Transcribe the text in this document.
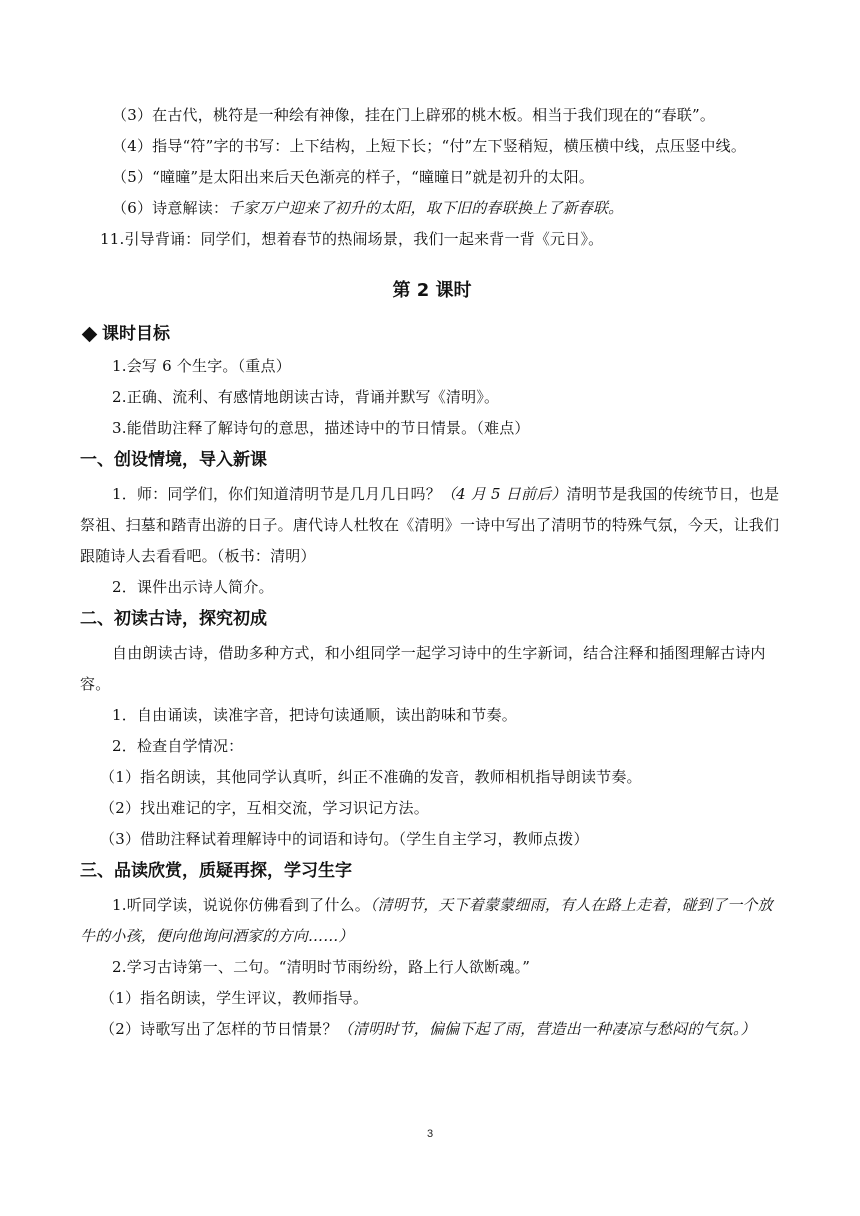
（3）在古代，桃符是一种绘有神像，挂在门上辟邪的桃木板。相当于我们现在的“春联”。

（4）指导“符”字的书写：上下结构，上短下长；“付”左下竖稍短，横压横中线，点压竖中线。

（5）“曈曈”是太阳出来后天色渐亮的样子，“曈曈日”就是初升的太阳。

（6）诗意解读：千家万户迎来了初升的太阳，取下旧的春联换上了新春联。

11.引导背诵：同学们，想着春节的热闹场景，我们一起来背一背《元日》。

第 2 课时
课时目标

1.会写 6 个生字。（重点）

2.正确、流利、有感情地朗读古诗，背诵并默写《清明》。

3.能借助注释了解诗句的意思，描述诗中的节日情景。（难点）

一、创设情境，导入新课

1．师：同学们，你们知道清明节是几月几日吗？（4 月 5 日前后）清明节是我国的传统节日，也是祭祖、扫墓和踏青出游的日子。唐代诗人杜牧在《清明》一诗中写出了清明节的特殊气氛，今天，让我们跟随诗人去看看吧。（板书：清明）

2．课件出示诗人简介。

二、初读古诗，探究初成

自由朗读古诗，借助多种方式，和小组同学一起学习诗中的生字新词，结合注释和插图理解古诗内容。

1．自由诵读，读准字音，把诗句读通顺，读出韵味和节奏。

2．检查自学情况：

（1）指名朗读，其他同学认真听，纠正不准确的发音，教师相机指导朗读节奏。

（2）找出难记的字，互相交流，学习识记方法。

（3）借助注释试着理解诗中的词语和诗句。（学生自主学习，教师点拨）

三、品读欣赏，质疑再探，学习生字

1.听同学读，说说你仿佛看到了什么。（清明节，天下着蒙蒙细雨，有人在路上走着，碰到了一个放牛的小孩，便向他询问酒家的方向……）

2.学习古诗第一、二句。“清明时节雨纷纷，路上行人欲断魂。”

（1）指名朗读，学生评议，教师指导。

（2）诗歌写出了怎样的节日情景？（清明时节，偏偏下起了雨，营造出一种凄凉与愁闷的气氛。）

3
